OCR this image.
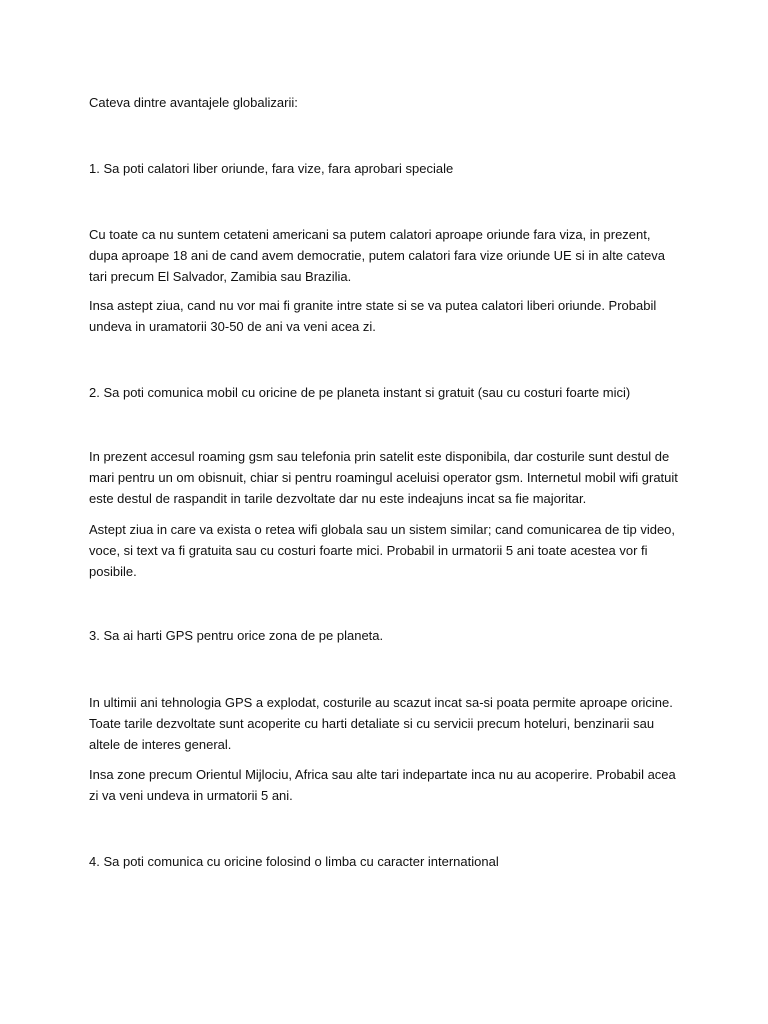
Cateva dintre avantajele globalizarii:

1. Sa poti calatori liber oriunde, fara vize, fara aprobari speciale

Cu toate ca nu suntem cetateni americani sa putem calatori aproape oriunde fara viza, in prezent, dupa aproape 18 ani de cand avem democratie, putem calatori fara vize oriunde UE si in alte cateva tari precum El Salvador, Zamibia sau Brazilia.

Insa astept ziua, cand nu vor mai fi granite intre state si se va putea calatori liberi oriunde. Probabil undeva in uramatorii 30-50 de ani va veni acea zi.

2. Sa poti comunica mobil cu oricine de pe planeta instant si gratuit (sau cu costuri foarte mici)

In prezent accesul roaming gsm sau telefonia prin satelit este disponibila, dar costurile sunt destul de mari pentru un om obisnuit, chiar si pentru roamingul aceluisi operator gsm. Internetul mobil wifi gratuit este destul de raspandit in tarile dezvoltate dar nu este indeajuns incat sa fie majoritar.

Astept ziua in care va exista o retea wifi globala sau un sistem similar; cand comunicarea de tip video, voce, si text va fi gratuita sau cu costuri foarte mici. Probabil in urmatorii 5 ani toate acestea vor fi posibile.

3. Sa ai harti GPS pentru orice zona de pe planeta.

In ultimii ani tehnologia GPS a explodat, costurile au scazut incat sa-si poata permite aproape oricine. Toate tarile dezvoltate sunt acoperite cu harti detaliate si cu servicii precum hoteluri, benzinarii sau altele de interes general.

Insa zone precum Orientul Mijlociu, Africa sau alte tari indepartate inca nu au acoperire. Probabil acea zi va veni undeva in urmatorii 5 ani.

4. Sa poti comunica cu oricine folosind o limba cu caracter international
